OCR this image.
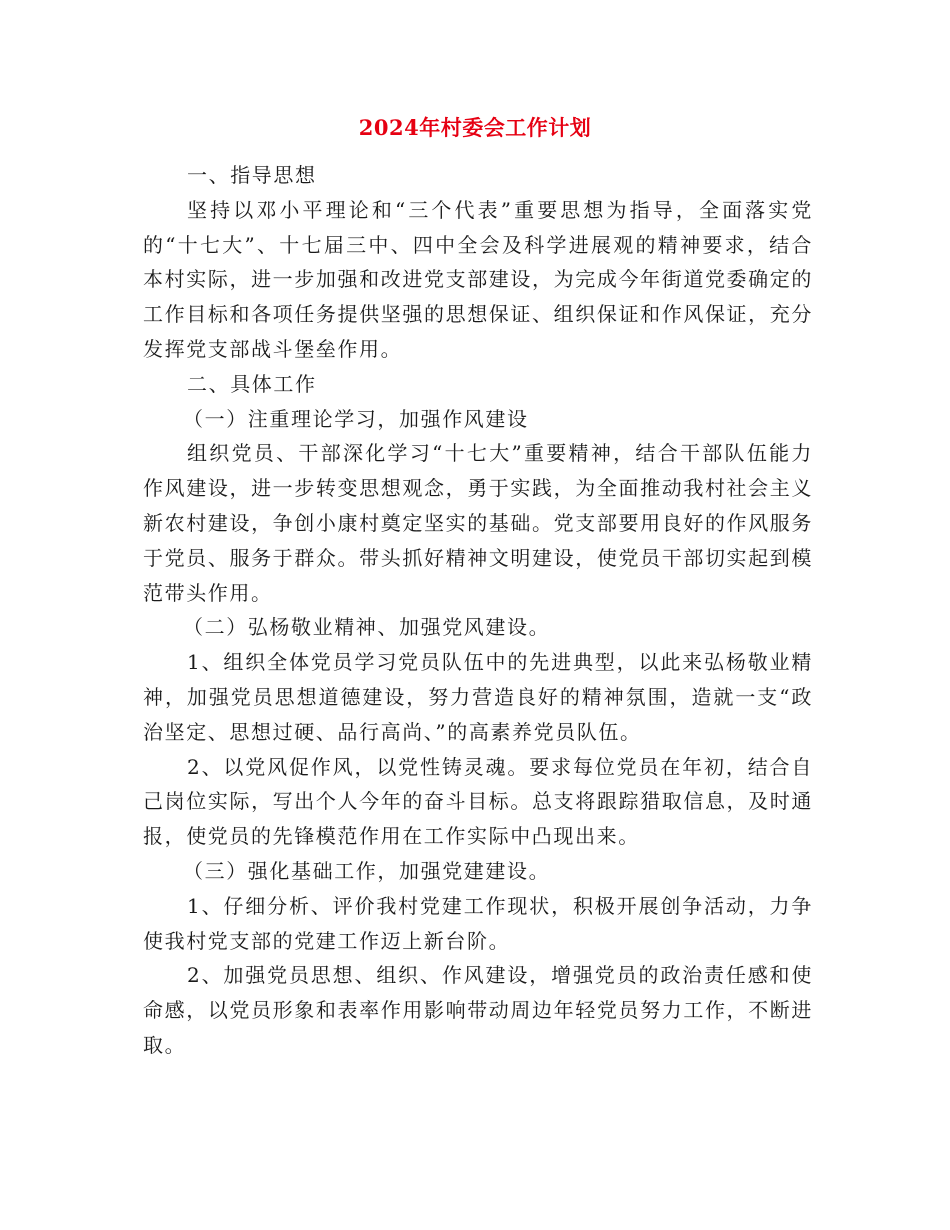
2024年村委会工作计划

一、指导思想

坚持以邓小平理论和“三个代表”重要思想为指导，全面落实党的“十七大”、十七届三中、四中全会及科学进展观的精神要求，结合本村实际，进一步加强和改进党支部建设，为完成今年街道党委确定的工作目标和各项任务提供坚强的思想保证、组织保证和作风保证，充分发挥党支部战斗堡垒作用。

二、具体工作

（一）注重理论学习，加强作风建设

组织党员、干部深化学习“十七大”重要精神，结合干部队伍能力作风建设，进一步转变思想观念，勇于实践，为全面推动我村社会主义新农村建设，争创小康村奠定坚实的基础。党支部要用良好的作风服务于党员、服务于群众。带头抓好精神文明建设，使党员干部切实起到模范带头作用。

（二）弘杨敬业精神、加强党风建设。

1、组织全体党员学习党员队伍中的先进典型，以此来弘杨敬业精神，加强党员思想道德建设，努力营造良好的精神氛围，造就一支“政治坚定、思想过硬、品行高尚、”的高素养党员队伍。

2、以党风促作风，以党性铸灵魂。要求每位党员在年初，结合自己岗位实际，写出个人今年的奋斗目标。总支将跟踪猎取信息，及时通报，使党员的先锋模范作用在工作实际中凸现出来。

（三）强化基础工作，加强党建建设。

1、仔细分析、评价我村党建工作现状，积极开展创争活动，力争使我村党支部的党建工作迈上新台阶。

2、加强党员思想、组织、作风建设，增强党员的政治责任感和使命感，以党员形象和表率作用影响带动周边年轻党员努力工作，不断进取。
